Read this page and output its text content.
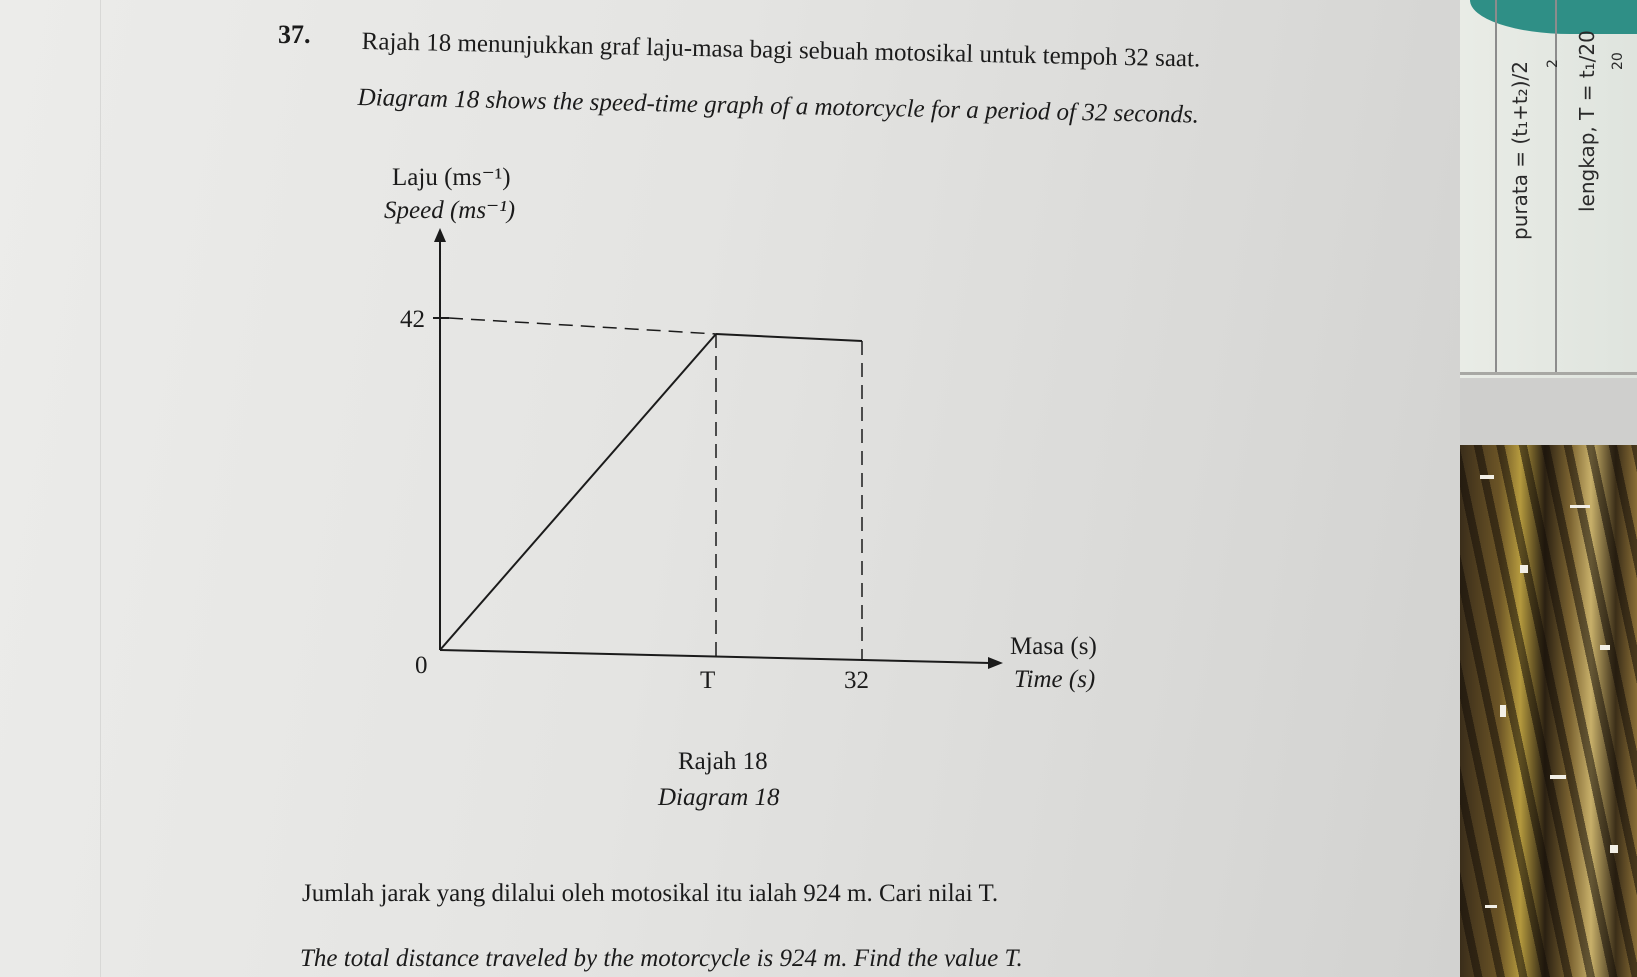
37. Rajah 18 menunjukkan graf laju-masa bagi sebuah motosikal untuk tempoh 32 saat.
Diagram 18 shows the speed-time graph of a motorcycle for a period of 32 seconds.
Laju (ms⁻¹)
Speed (ms⁻¹)
42
0
T	32
Masa (s)
Time (s)
Rajah 18
Diagram 18
Jumlah jarak yang dilalui oleh motosikal itu ialah 924 m. Cari nilai T.
The total distance traveled by the motorcycle is 924 m. Find the value T.
purata = (t₁+t₂)/2 lengkap, T = t₁/20
2	20
